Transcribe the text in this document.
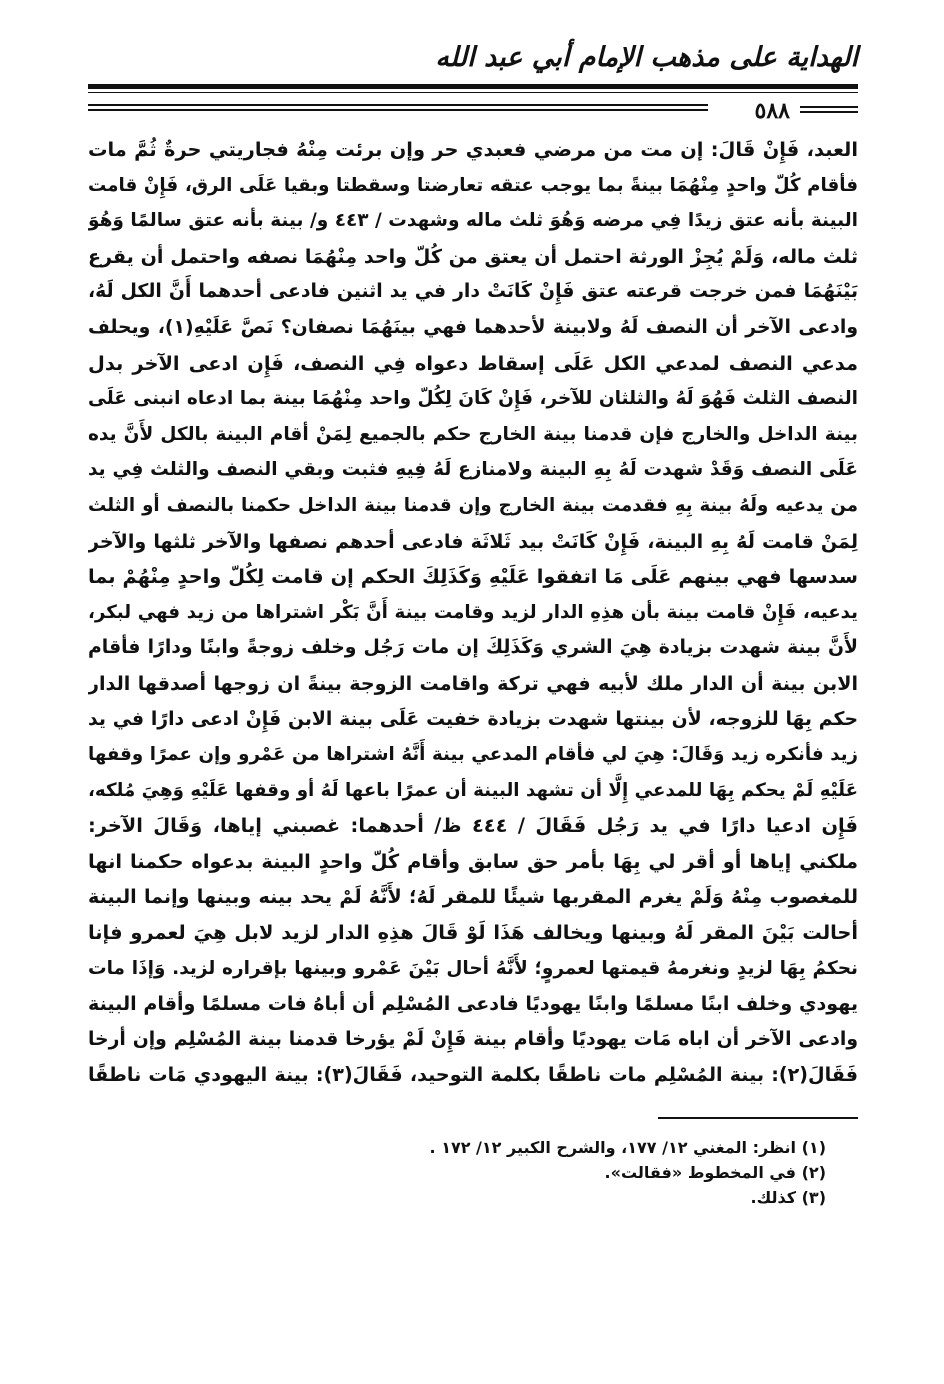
الهداية على مذهب الإمام أبي عبد الله
٥٨٨
العبد، فَإِنْ قَالَ: إن مت من مرضي فعبدي حر وإن برئت مِنْهُ فجاريتي حرةٌ ثُمَّ مات
فأقام كُلّ واحدٍ مِنْهُمَا بينةً بما يوجب عتقه تعارضتا وسقطتا وبقيا عَلَى الرق، فَإِنْ قامت
البينة بأنه عتق زيدًا فِي مرضه وَهُوَ ثلث ماله وشهدت / ٤٤٣ و/ بينة بأنه عتق سالمًا وَهُوَ
ثلث ماله، وَلَمْ يُجِزْ الورثة احتمل أن يعتق من كُلّ واحد مِنْهُمَا نصفه واحتمل أن يقرع
بَيْنَهُمَا فمن خرجت قرعته عتق فَإِنْ كَانَتْ دار في يد اثنين فادعى أحدهما أَنَّ الكل لَهُ،
وادعى الآخر أن النصف لَهُ ولابينة لأحدهما فهي بينَهُمَا نصفان؟ نَصَّ عَلَيْهِ(١)، ويحلف
مدعي النصف لمدعي الكل عَلَى إسقاط دعواه فِي النصف، فَإِن ادعى الآخر بدل
النصف الثلث فَهُوَ لَهُ والثلثان للآخر، فَإِنْ كَانَ لِكُلّ واحد مِنْهُمَا بينة بما ادعاه انبنى عَلَى
بينة الداخل والخارج فإن قدمنا بينة الخارج حكم بالجميع لِمَنْ أقام البينة بالكل لأَنَّ يده
عَلَى النصف وَقَدْ شهدت لَهُ بِهِ البينة ولامنازع لَهُ فِيهِ فثبت وبقي النصف والثلث فِي يد
من يدعيه ولَهُ بينة بِهِ فقدمت بينة الخارج وإن قدمنا بينة الداخل حكمنا بالنصف أو الثلث
لِمَنْ قامت لَهُ بِهِ البينة، فَإِنْ كَانَتْ بيد ثَلاثَة فادعى أحدهم نصفها والآخر ثلثها والآخر
سدسها فهي بينهم عَلَى مَا اتفقوا عَلَيْهِ وَكَذَلِكَ الحكم إن قامت لِكُلّ واحدٍ مِنْهُمْ بما
يدعيه، فَإِنْ قامت بينة بأن هذِهِ الدار لزيد وقامت بينة أَنَّ بَكْر اشتراها من زيد فهي لبكر،
لأَنَّ بينة شهدت بزيادة هِيَ الشري وَكَذَلِكَ إن مات رَجُل وخلف زوجةً وابنًا ودارًا فأقام
الابن بينة أن الدار ملك لأبيه فهي تركة واقامت الزوجة بينةً ان زوجها أصدقها الدار
حكم بِهَا للزوجه، لأن بينتها شهدت بزيادة خفيت عَلَى بينة الابن فَإِنْ ادعى دارًا في يد
زيد فأنكره زيد وَقَالَ: هِيَ لي فأقام المدعي بينة أَنَّهُ اشتراها من عَمْرو وإن عمرًا وقفها
عَلَيْهِ لَمْ يحكم بِهَا للمدعي إِلَّا أن تشهد البينة أن عمرًا باعها لَهُ أو وقفها عَلَيْهِ وَهِيَ مُلكه،
فَإِن ادعيا دارًا في يد رَجُل فَقَالَ / ٤٤٤ ظ/ أحدهما: غصبني إياها، وَقَالَ الآخر:
ملكني إياها أو أقر لي بِهَا بأمر حق سابق وأقام كُلّ واحدٍ البينة بدعواه حكمنا انها
للمغصوب مِنْهُ وَلَمْ يغرم المقربها شيئًا للمقر لَهُ؛ لأَنَّهُ لَمْ يحد بينه وبينها وإنما البينة
أحالت بَيْنَ المقر لَهُ وبينها ويخالف هَذَا لَوْ قَالَ هذِهِ الدار لزيد لابل هِيَ لعمرو فإنا
نحكمُ بِهَا لزيدٍ ونغرمهُ قيمتها لعمروٍ؛ لأَنَّهُ أحال بَيْنَ عَمْرو وبينها بإقراره لزيد. وَإذَا مات
يهودي وخلف ابنًا مسلمًا وابنًا يهوديًا فادعى المُسْلِم أن أباهُ فات مسلمًا وأقام البينة
وادعى الآخر أن اباه مَات يهوديًا وأقام بينة فَإِنْ لَمْ يؤرخا قدمنا بينة المُسْلِم وإن أرخا
فَقَالَ(٢): بينة المُسْلِم مات ناطقًا بكلمة التوحيد، فَقَالَ(٣): بينة اليهودي مَات ناطقًا
(١) انظر: المغني ١٢/ ١٧٧، والشرح الكبير ١٢/ ١٧٢ .
(٢) في المخطوط «فقالت».
(٣) كذلك.
